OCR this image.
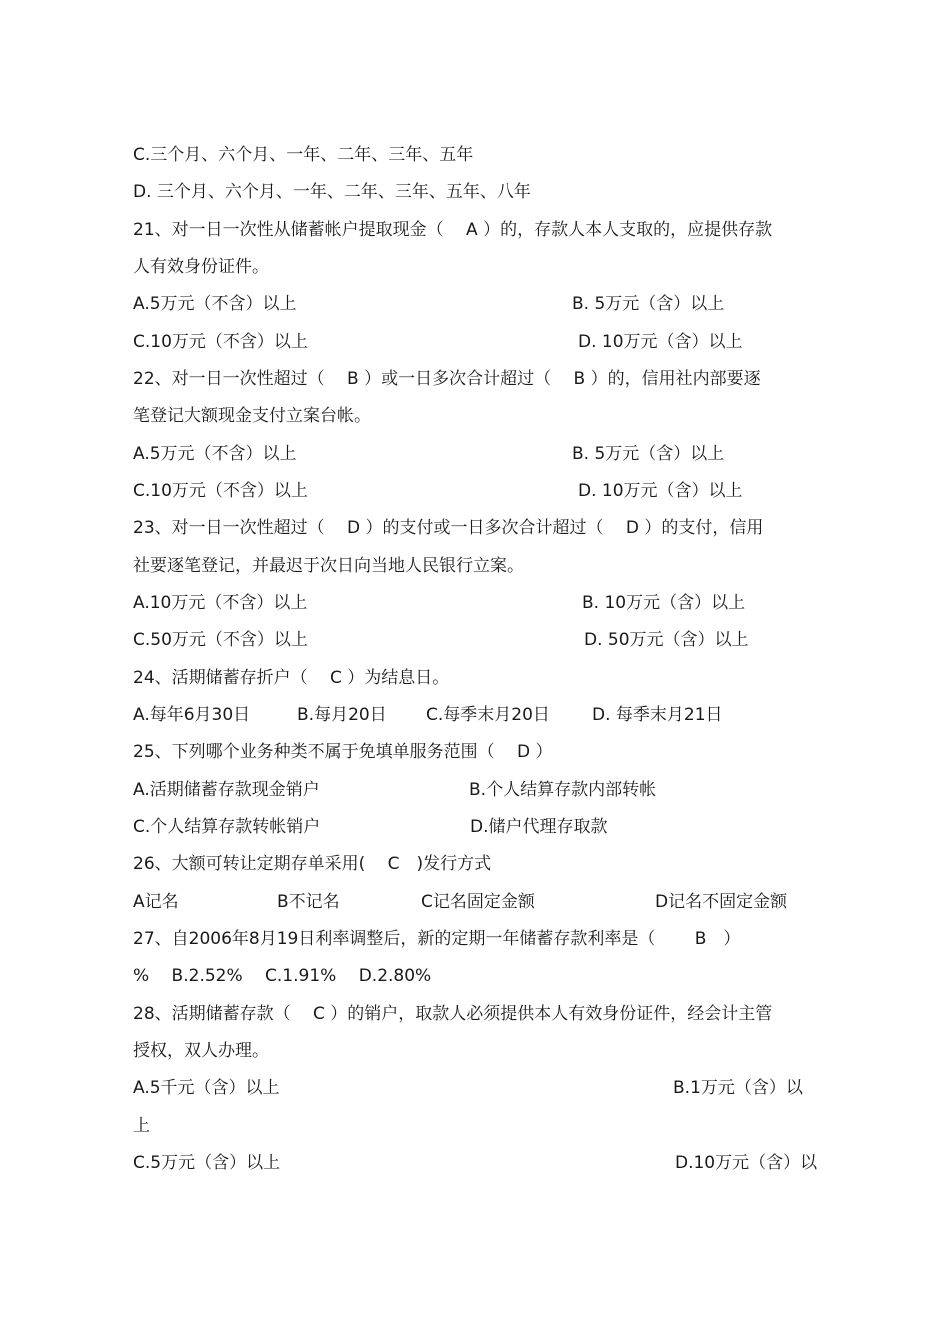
C.三个月、六个月、一年、二年、三年、五年
D. 三个月、六个月、一年、二年、三年、五年、八年
21、对一日一次性从储蓄帐户提取现金（　 A ）的，存款人本人支取的，应提供存款
人有效身份证件。
A.5万元（不含）以上	B. 5万元（含）以上
C.10万元（不含）以上	D. 10万元（含）以上
22、对一日一次性超过（　 B ）或一日多次合计超过（　 B ）的，信用社内部要逐
笔登记大额现金支付立案台帐。
A.5万元（不含）以上	B. 5万元（含）以上
C.10万元（不含）以上	D. 10万元（含）以上
23、对一日一次性超过（　 D ）的支付或一日多次合计超过（　 D ）的支付，信用
社要逐笔登记，并最迟于次日向当地人民银行立案。
A.10万元（不含）以上	B. 10万元（含）以上
C.50万元（不含）以上	D. 50万元（含）以上
24、活期储蓄存折户（　 C ）为结息日。
A.每年6月30日	B.每月20日 C.每季末月20日 D. 每季末月21日
25、下列哪个业务种类不属于免填单服务范围（　 D ）
A.活期储蓄存款现金销户	B.个人结算存款内部转帐
C.个人结算存款转帐销户	D.储户代理存取款
26、大额可转让定期存单采用(　 C　)发行方式
A记名	B不记名	C记名固定金额	D记名不固定金额
27、自2006年8月19日利率调整后，新的定期一年储蓄存款利率是（　　 B　）
%　 B.2.52%　 C.1.91%　 D.2.80%
28、活期储蓄存款（　 C ）的销户，取款人必须提供本人有效身份证件，经会计主管
授权，双人办理。
A.5千元（含）以上	B.1万元（含）以
上
C.5万元（含）以上	D.10万元（含）以
